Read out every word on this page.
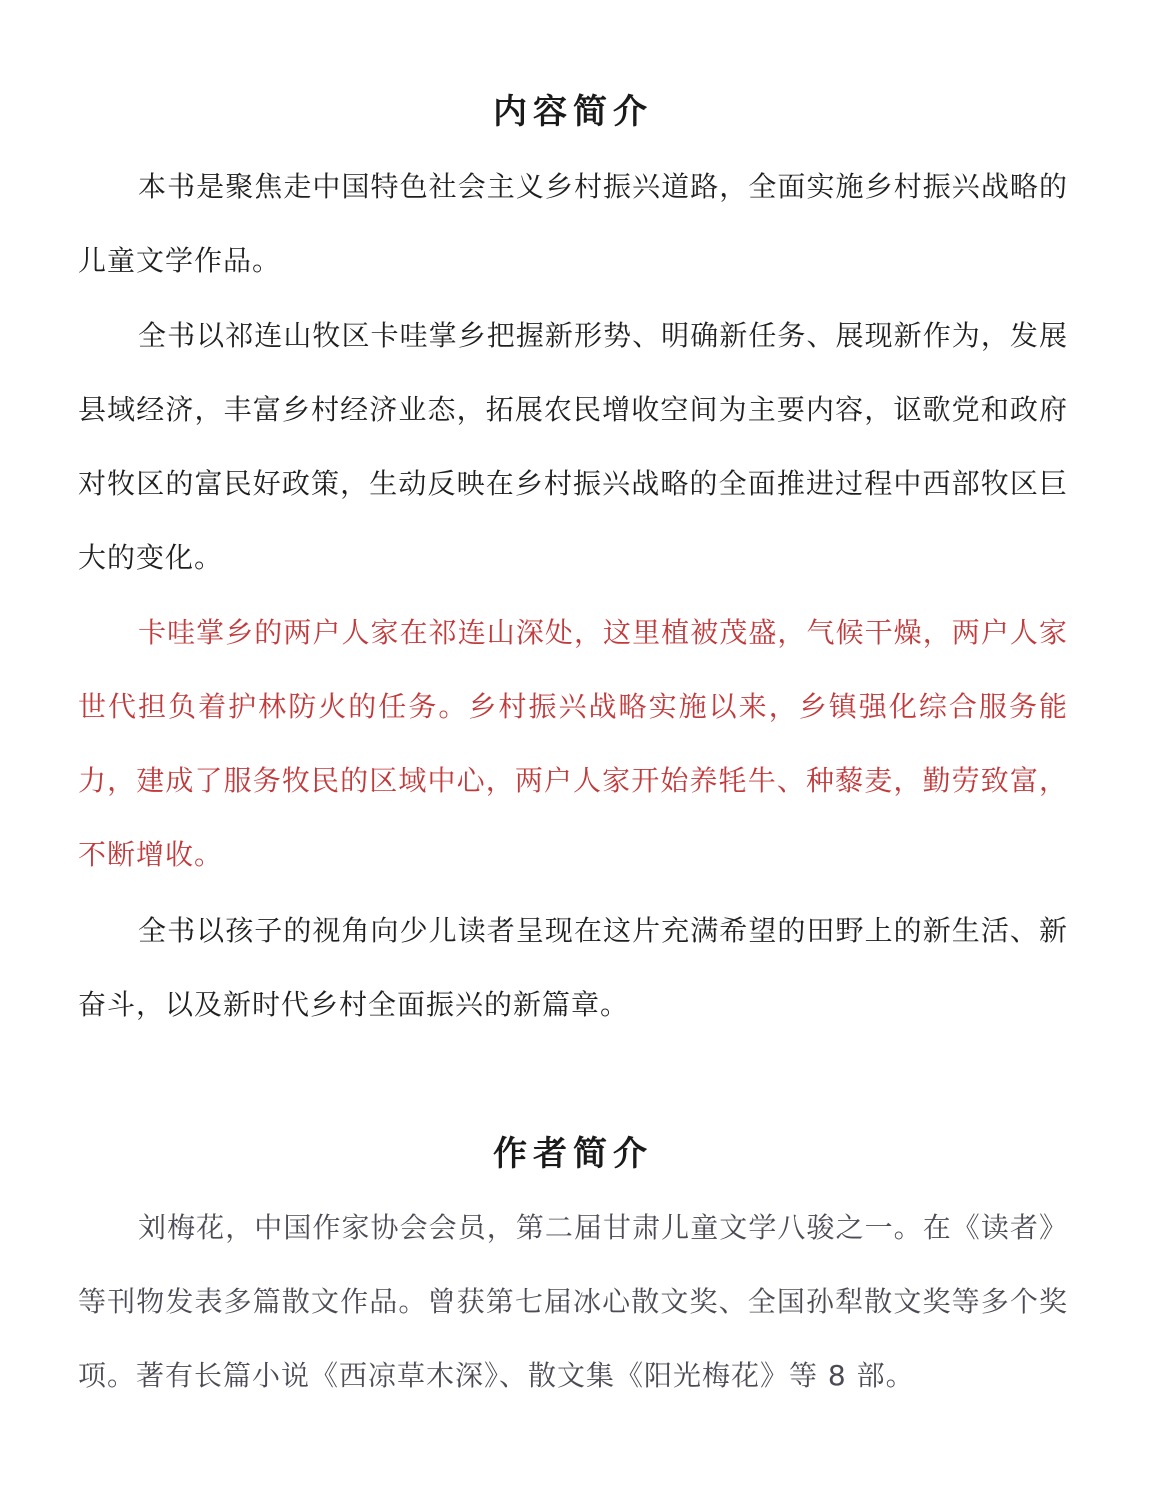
内容简介

本书是聚焦走中国特色社会主义乡村振兴道路，全面实施乡村振兴战略的儿童文学作品。

全书以祁连山牧区卡哇掌乡把握新形势、明确新任务、展现新作为，发展县域经济，丰富乡村经济业态，拓展农民增收空间为主要内容，讴歌党和政府对牧区的富民好政策，生动反映在乡村振兴战略的全面推进过程中西部牧区巨大的变化。

卡哇掌乡的两户人家在祁连山深处，这里植被茂盛，气候干燥，两户人家世代担负着护林防火的任务。乡村振兴战略实施以来，乡镇强化综合服务能力，建成了服务牧民的区域中心，两户人家开始养牦牛、种藜麦，勤劳致富，不断增收。

全书以孩子的视角向少儿读者呈现在这片充满希望的田野上的新生活、新奋斗，以及新时代乡村全面振兴的新篇章。

作者简介

刘梅花，中国作家协会会员，第二届甘肃儿童文学八骏之一。在《读者》等刊物发表多篇散文作品。曾获第七届冰心散文奖、全国孙犁散文奖等多个奖项。著有长篇小说《西凉草木深》、散文集《阳光梅花》等 8 部。
